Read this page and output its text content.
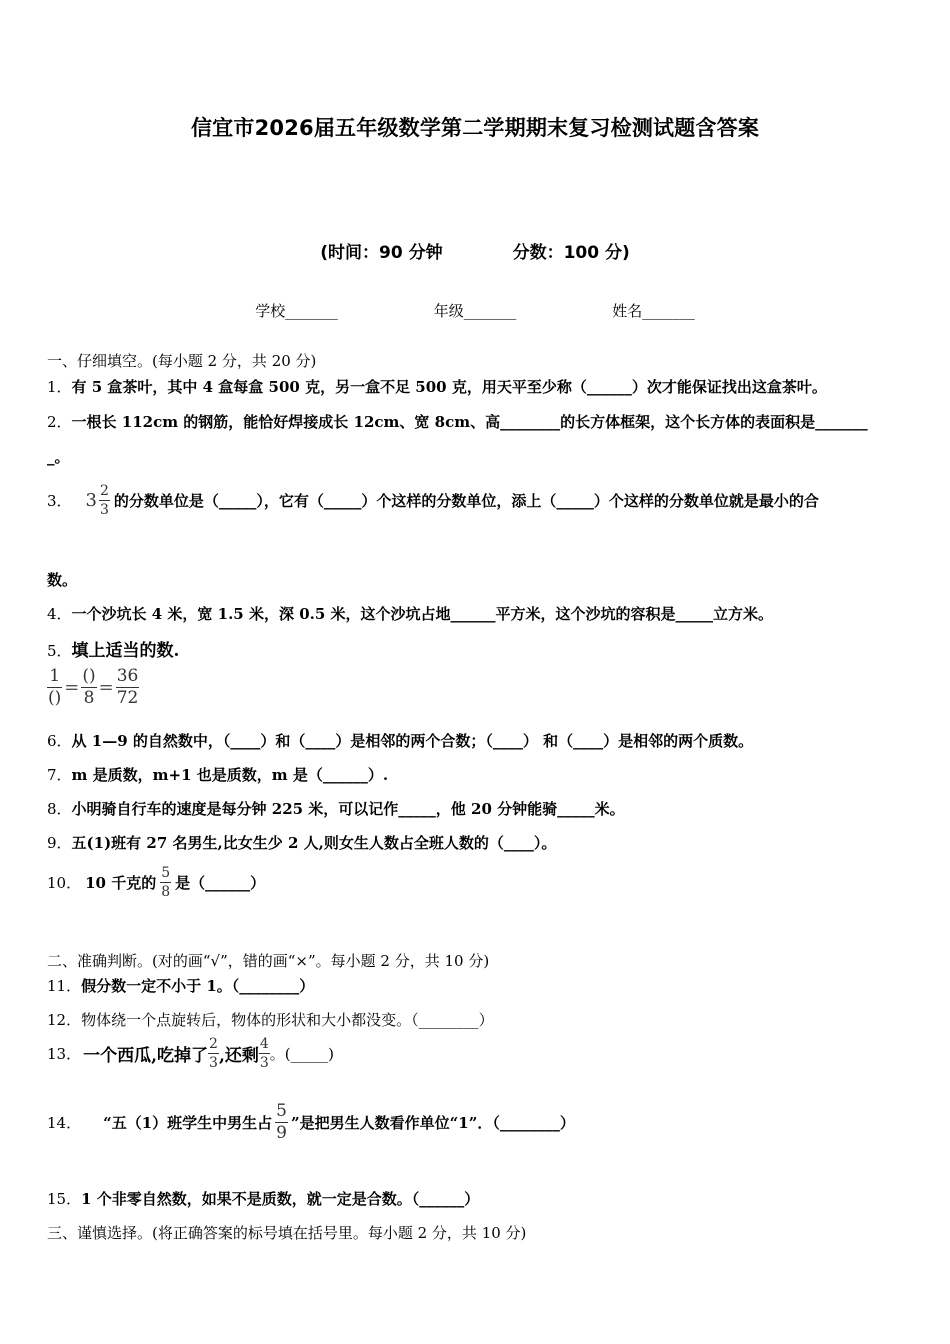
信宜市2026届五年级数学第二学期期末复习检测试题含答案
(时间：90 分钟	分数：100 分)
学校_______	年级_______	姓名_______
一、仔细填空。(每小题 2 分，共 20 分)
1．有 5 盒茶叶，其中 4 盒每盒 500 克，另一盒不足 500 克，用天平至少称（______）次才能保证找出这盒茶叶。
2．一根长 112cm 的钢筋，能恰好焊接成长 12cm、宽 8cm、高________的长方体框架，这个长方体的表面积是_______
_。
3． $3 \frac{2}{3}$ 的分数单位是（_____），它有（_____）个这样的分数单位，添上（_____）个这样的分数单位就是最小的合
数。
4．一个沙坑长 4 米，宽 1.5 米，深 0.5 米，这个沙坑占地______平方米，这个沙坑的容积是_____立方米。
5．填上适当的数.
$\frac{1}{()} = \frac{()}{8} = \frac{36}{72}$
6．从 1—9 的自然数中，（____）和（____）是相邻的两个合数；（____） 和（____）是相邻的两个质数。
7．m 是质数，m+1 也是质数，m 是（______）.
8．小明骑自行车的速度是每分钟 225 米，可以记作_____，他 20 分钟能骑_____米。
9．五(1)班有 27 名男生,比女生少 2 人,则女生人数占全班人数的（____）。
10． 10 千克的 $\frac{5}{8}$ 是（______）
二、准确判断。(对的画“√”，错的画“×”。每小题 2 分，共 10 分)
11．假分数一定不小于 1。（________）
12．物体绕一个点旋转后，物体的形状和大小都没变。（________）
13． 一个西瓜,吃掉了 $\frac{2}{3}$ ,还剩 $\frac{4}{3}$ 。(_____)
14． “五（1）班学生中男生占 $\frac{5}{9}$ ”是把男生人数看作单位“1”．（________）
15．1 个非零自然数，如果不是质数，就一定是合数。（______）
三、谨慎选择。(将正确答案的标号填在括号里。每小题 2 分，共 10 分)
